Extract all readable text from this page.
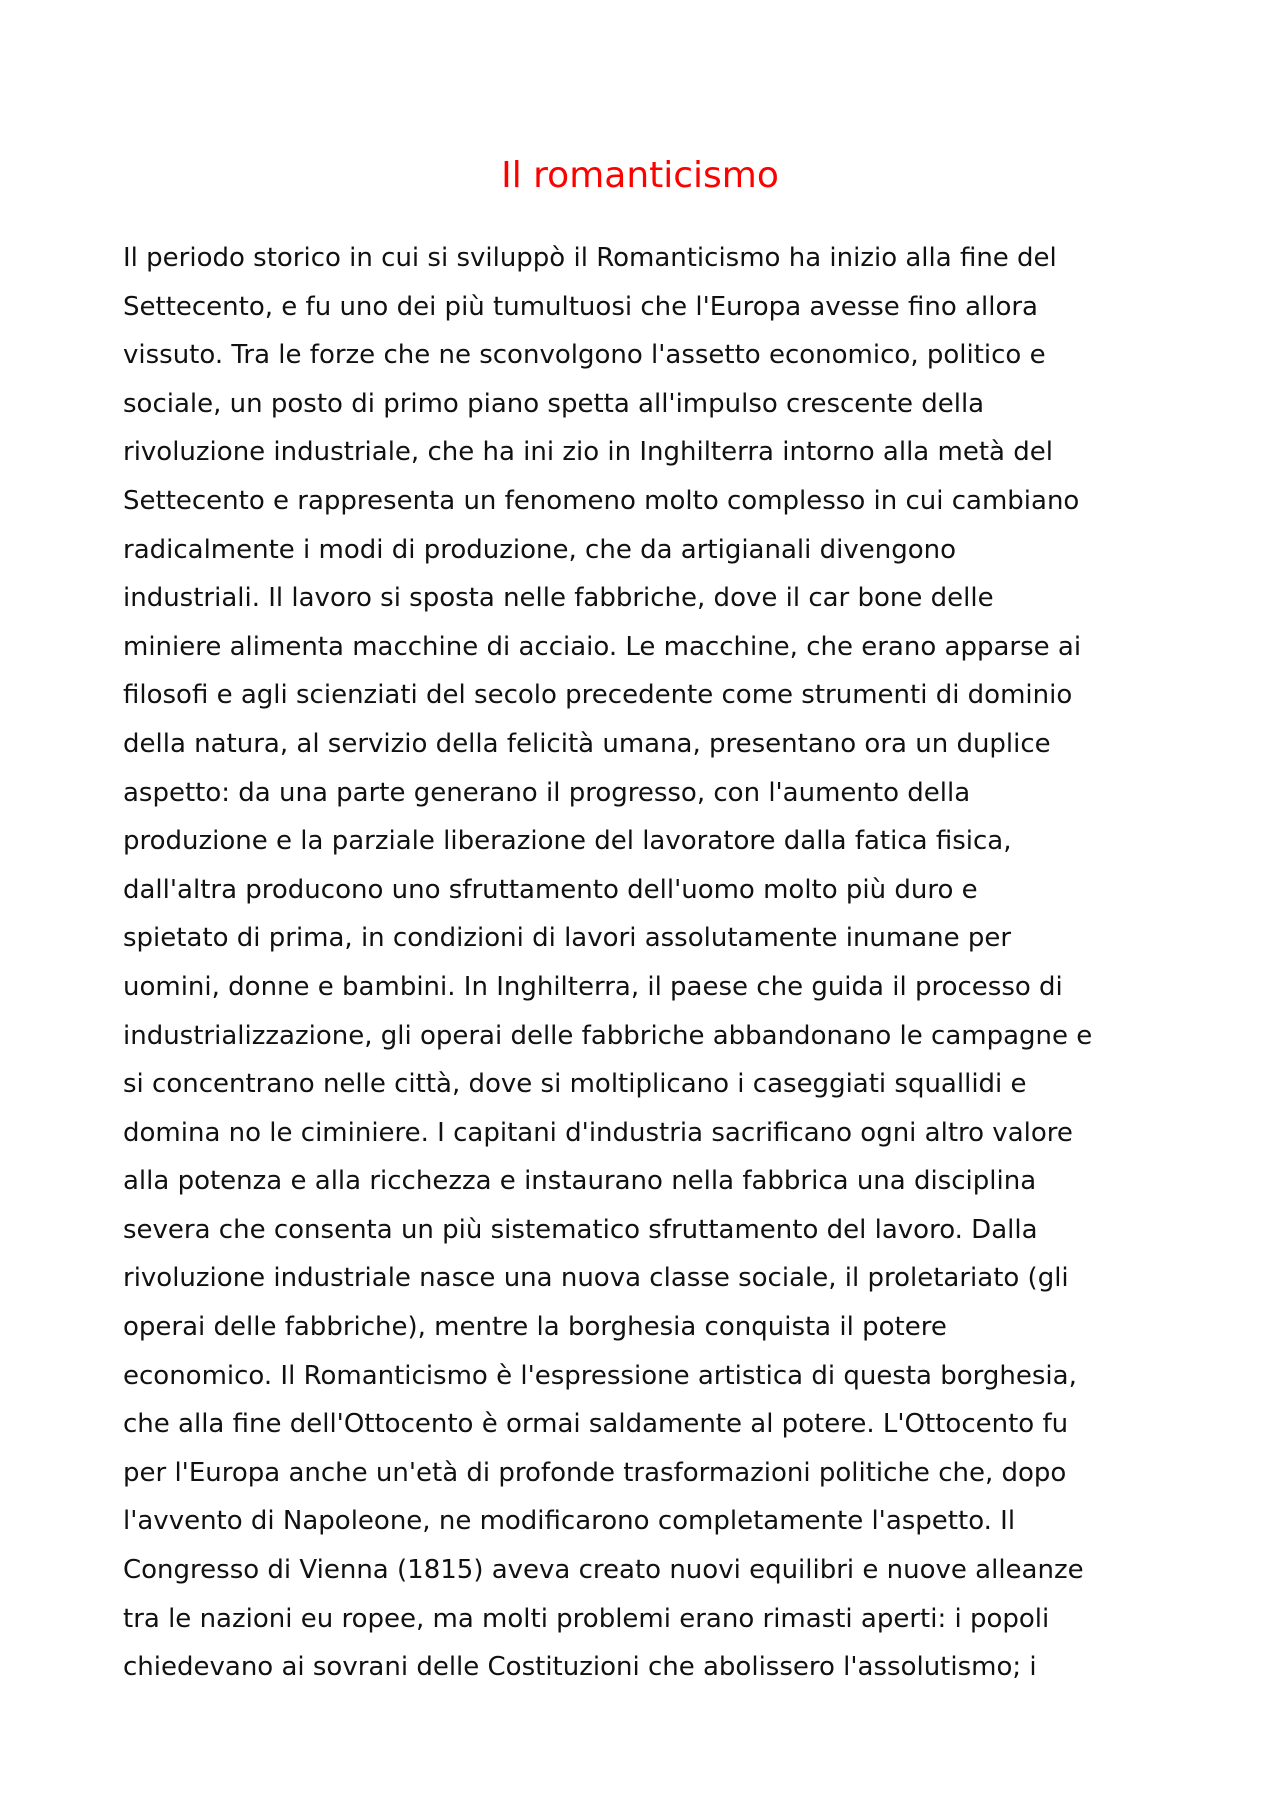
Il romanticismo
Il periodo storico in cui si sviluppò il Romanticismo ha inizio alla fine del
Settecento, e fu uno dei più tumultuosi che l'Europa avesse fino allora
vissuto. Tra le forze che ne sconvolgono l'assetto economico, politico e
sociale, un posto di primo piano spetta all'impulso crescente della
rivoluzione industriale, che ha ini zio in Inghilterra intorno alla metà del
Settecento e rappresenta un fenomeno molto complesso in cui cambiano
radicalmente i modi di produzione, che da artigianali divengono
industriali. Il lavoro si sposta nelle fabbriche, dove il car bone delle
miniere alimenta macchine di acciaio. Le macchine, che erano apparse ai
filosofi e agli scienziati del secolo precedente come strumenti di dominio
della natura, al servizio della felicità umana, presentano ora un duplice
aspetto: da una parte generano il progresso, con l'aumento della
produzione e la parziale liberazione del lavoratore dalla fatica fisica,
dall'altra producono uno sfruttamento dell'uomo molto più duro e
spietato di prima, in condizioni di lavori assolutamente inumane per
uomini, donne e bambini. In Inghilterra, il paese che guida il processo di
industrializzazione, gli operai delle fabbriche abbandonano le campagne e
si concentrano nelle città, dove si moltiplicano i caseggiati squallidi e
domina no le ciminiere. I capitani d'industria sacrificano ogni altro valore
alla potenza e alla ricchezza e instaurano nella fabbrica una disciplina
severa che consenta un più sistematico sfruttamento del lavoro. Dalla
rivoluzione industriale nasce una nuova classe sociale, il proletariato (gli
operai delle fabbriche), mentre la borghesia conquista il potere
economico. Il Romanticismo è l'espressione artistica di questa borghesia,
che alla fine dell'Ottocento è ormai saldamente al potere. L'Ottocento fu
per l'Europa anche un'età di profonde trasformazioni politiche che, dopo
l'avvento di Napoleone, ne modificarono completamente l'aspetto. Il
Congresso di Vienna (1815) aveva creato nuovi equilibri e nuove alleanze
tra le nazioni eu ropee, ma molti problemi erano rimasti aperti: i popoli
chiedevano ai sovrani delle Costituzioni che abolissero l'assolutismo; i
